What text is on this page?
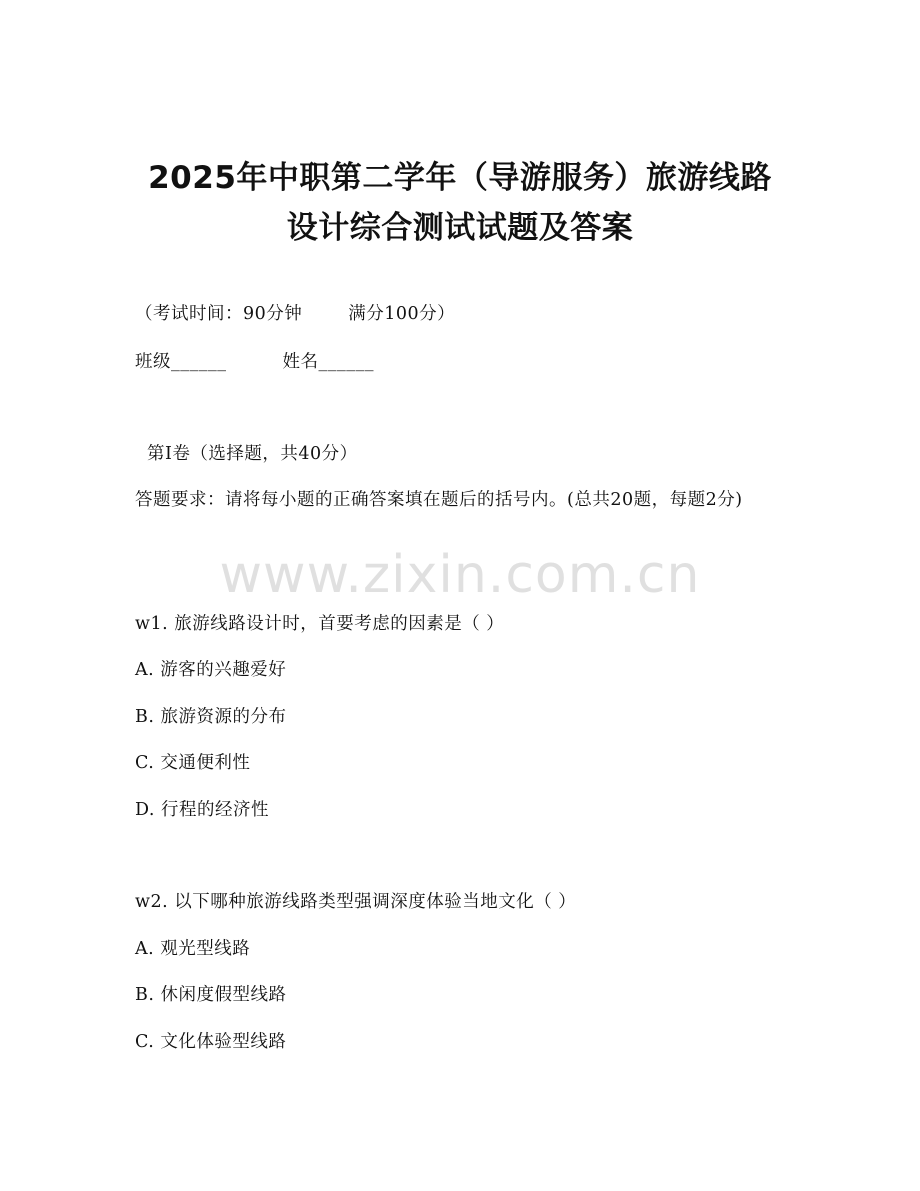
2025年中职第二学年（导游服务）旅游线路
设计综合测试试题及答案
（考试时间：90分钟	满分100分）
班级______	姓名______
第I卷（选择题，共40分）
答题要求：请将每小题的正确答案填在题后的括号内。(总共20题，每题2分)
www.zixin.com.cn
w1. 旅游线路设计时，首要考虑的因素是（ ）
A. 游客的兴趣爱好
B. 旅游资源的分布
C. 交通便利性
D. 行程的经济性
w2. 以下哪种旅游线路类型强调深度体验当地文化（ ）
A. 观光型线路
B. 休闲度假型线路
C. 文化体验型线路
